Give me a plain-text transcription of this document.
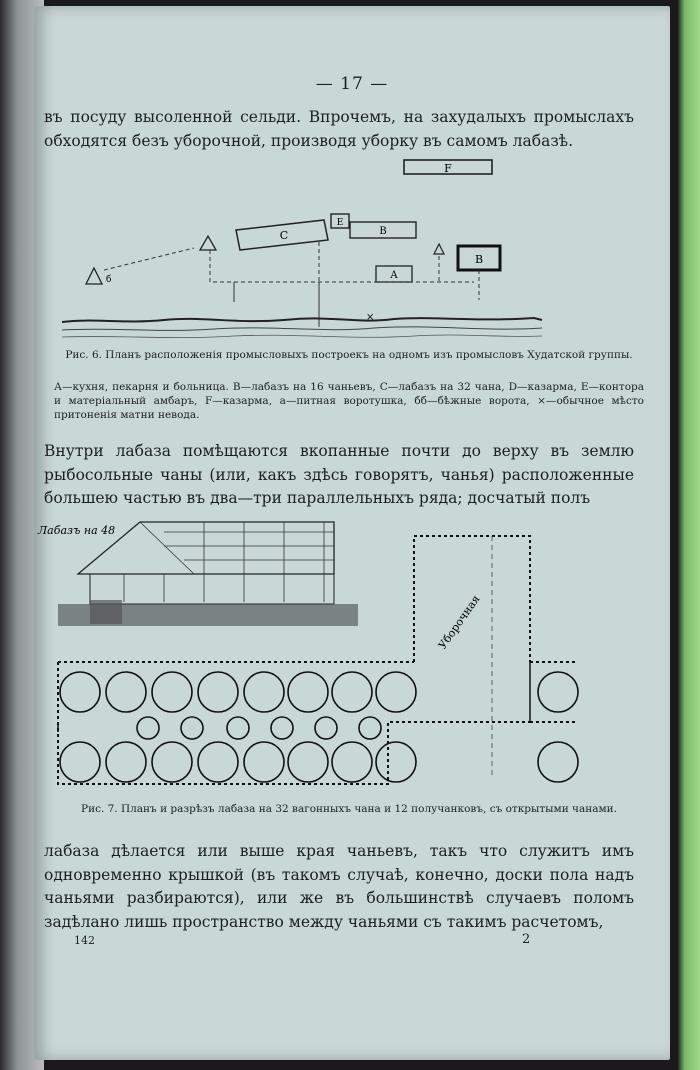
— 17 —
въ посуду высоленной сельди. Впрочемъ, на захудалыхъ промыслахъ обходятся безъ уборочной, производя уборку въ самомъ лабазѣ.
F
E
C	B
A
B
б
×
Рис. 6. Планъ расположенія промысловыхъ построекъ на одномъ изъ промысловъ Худатской группы.
А—кухня, пекарня и больница. В—лабазъ на 16 чаньевъ, С—лабазъ на 32 чана, D—казарма, Е—контора и матеріальный амбаръ, F—казарма, a—питная воротушка, бб—бѣжные ворота, ×—обычное мѣсто притоненія матни невода.
Внутри лабаза помѣщаются вкопанные почти до верху въ землю рыбосольные чаны (или, какъ здѣсь говорятъ, чанья) расположенные большею частью въ два—три параллельныхъ ряда; досчатый полъ
Лабазъ на 48
Уборочная
Рис. 7. Планъ и разрѣзъ лабаза на 32 вагонныхъ чана и 12 получанковъ, съ открытыми чанами.
лабаза дѣлается или выше края чаньевъ, такъ что служитъ имъ одновременно крышкой (въ такомъ случаѣ, конечно, доски пола надъ чаньями разбираются), или же въ большинствѣ случаевъ поломъ задѣлано лишь пространство между чаньями съ такимъ расчетомъ,
142	2
